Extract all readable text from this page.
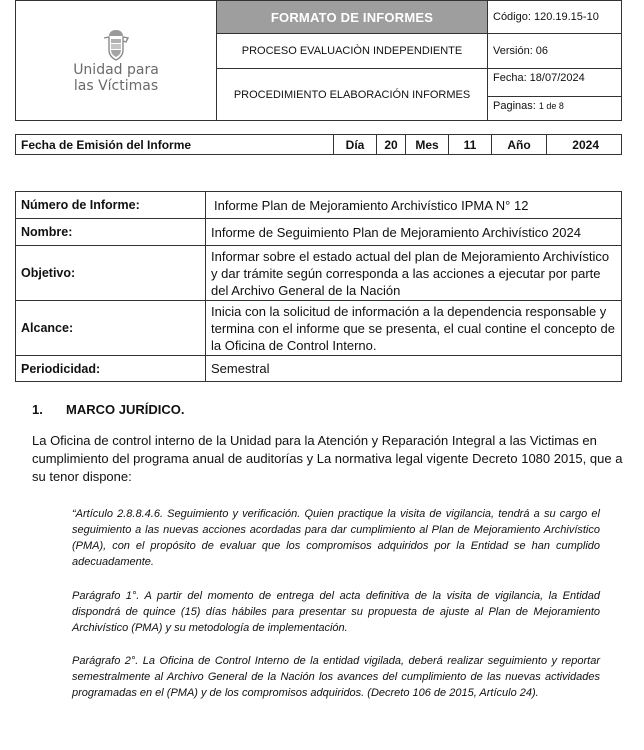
Unidad para
las Víctimas	FORMATO DE INFORMES	Código: 120.19.15-10
	PROCESO EVALUACIÒN INDEPENDIENTE	Versión: 06
	PROCEDIMIENTO ELABORACIÓN INFORMES	Fecha: 18/07/2024
		Paginas: 1 de 8
Fecha de Emisión del Informe	Día	20	Mes	11	Año	2024
Número de Informe:	Informe Plan de Mejoramiento Archivístico IPMA N° 12
Nombre:	Informe de Seguimiento Plan de Mejoramiento Archivístico 2024
Objetivo:	Informar sobre el estado actual del plan de Mejoramiento Archivístico y dar trámite según corresponda a las acciones a ejecutar por parte del Archivo General de la Nación
Alcance:	Inicia con la solicitud de información a la dependencia responsable y termina con el informe que se presenta, el cual contine el concepto de la Oficina de Control Interno.
Periodicidad:	Semestral
1. MARCO JURÍDICO.
La Oficina de control interno de la Unidad para la Atención y Reparación Integral a las Victimas en cumplimiento del programa anual de auditorías y La normativa legal vigente Decreto 1080 2015, que a su tenor dispone:
“Artículo 2.8.8.4.6. Seguimiento y verificación. Quien practique la visita de vigilancia, tendrá a su cargo el seguimiento a las nuevas acciones acordadas para dar cumplimiento al Plan de Mejoramiento Archivístico (PMA), con el propósito de evaluar que los compromisos adquiridos por la Entidad se han cumplido adecuadamente.
Parágrafo 1°. A partir del momento de entrega del acta definitiva de la visita de vigilancia, la Entidad dispondrá de quince (15) días hábiles para presentar su propuesta de ajuste al Plan de Mejoramiento Archivístico (PMA) y su metodología de implementación.
Parágrafo 2°. La Oficina de Control Interno de la entidad vigilada, deberá realizar seguimiento y reportar semestralmente al Archivo General de la Nación los avances del cumplimiento de las nuevas actividades programadas en el (PMA) y de los compromisos adquiridos. (Decreto 106 de 2015, Artículo 24).
